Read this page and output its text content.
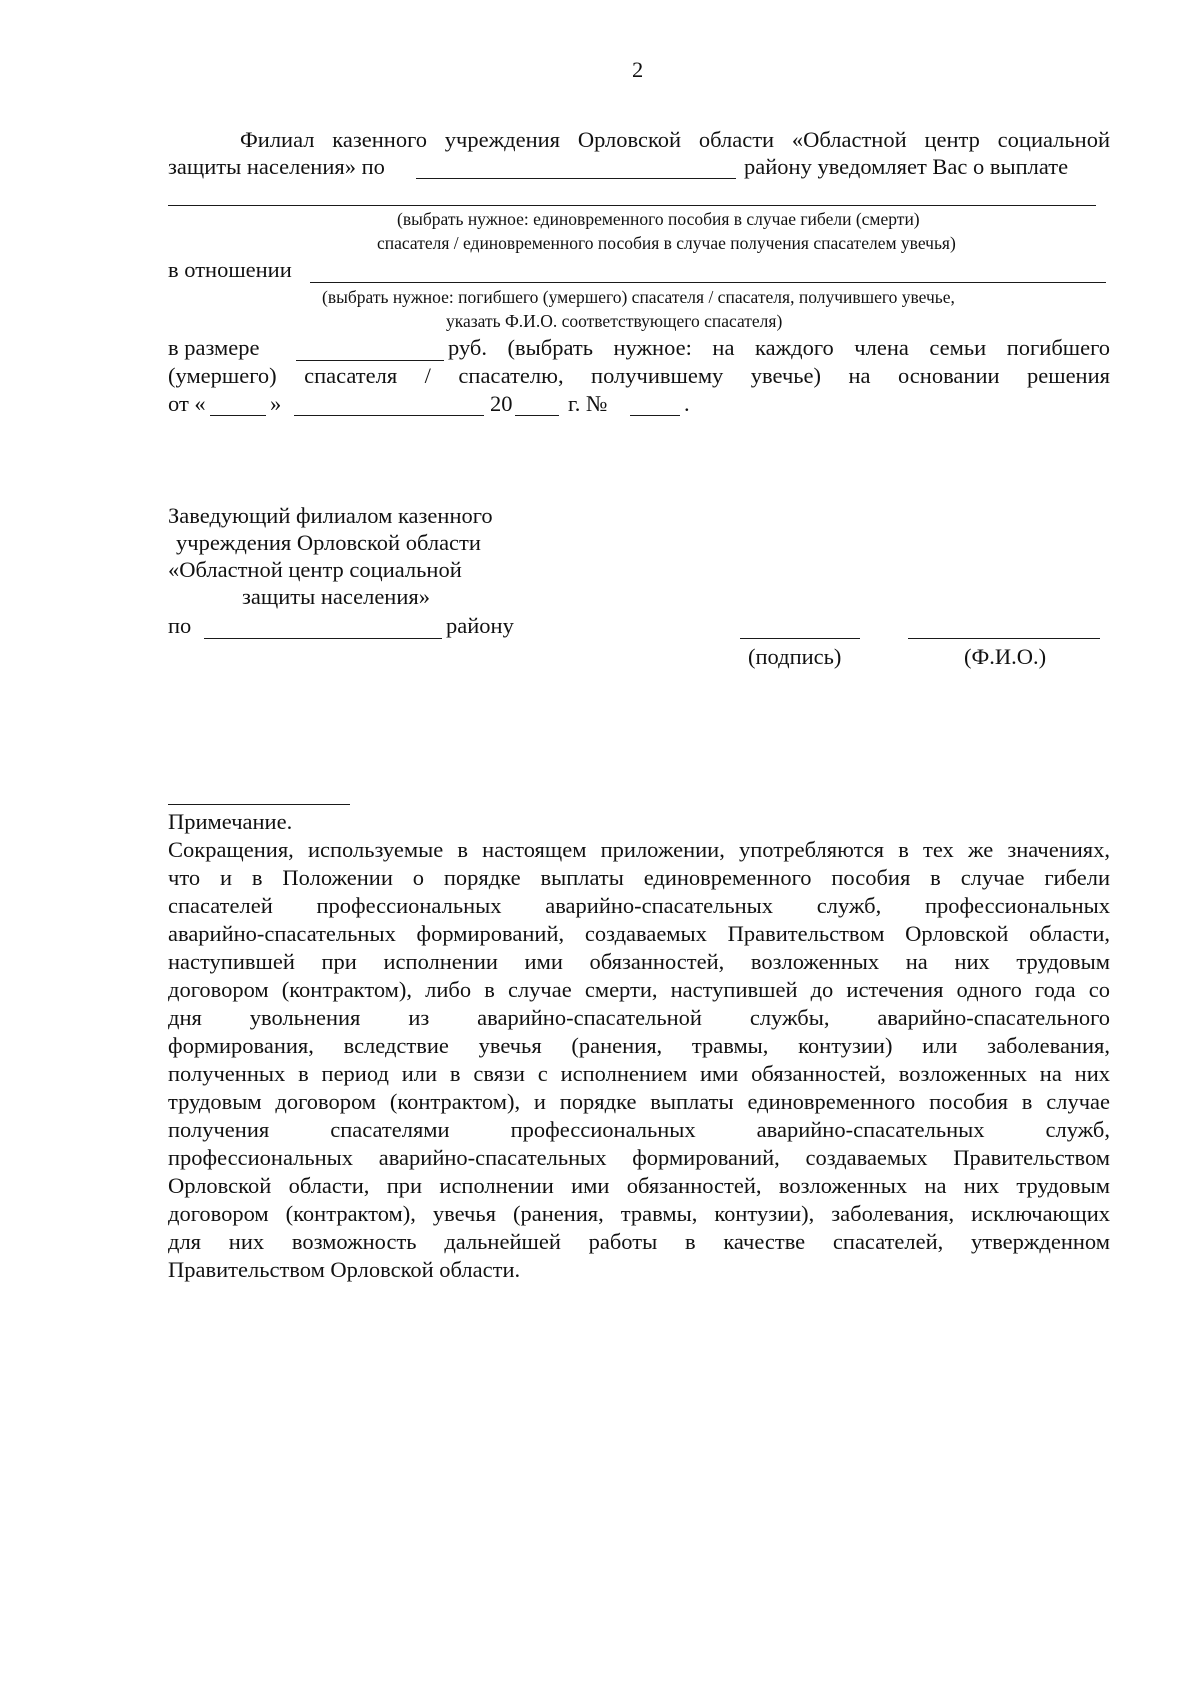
2
Филиал казенного учреждения Орловской области «Областной центр социальной
защиты населения» по	району уведомляет Вас о выплате
(выбрать нужное: единовременного пособия в случае гибели (смерти)
спасателя / единовременного пособия в случае получения спасателем увечья)
в отношении
(выбрать нужное: погибшего (умершего) спасателя / спасателя, получившего увечье,
указать Ф.И.О. соответствующего спасателя)
в размере	руб. (выбрать нужное: на каждого члена семьи погибшего
(умершего) спасателя / спасателю, получившему увечье) на основании решения
от «	»	20 г. №	.
Заведующий филиалом казенного
учреждения Орловской области
«Областной центр социальной
защиты населения»
по	району
(подпись)	(Ф.И.О.)
Примечание.
Сокращения, используемые в настоящем приложении, употребляются в тех же значениях,
что и в Положении о порядке выплаты единовременного пособия в случае гибели
спасателей профессиональных аварийно-спасательных служб, профессиональных
аварийно-спасательных формирований, создаваемых Правительством Орловской области,
наступившей при исполнении ими обязанностей, возложенных на них трудовым
договором (контрактом), либо в случае смерти, наступившей до истечения одного года со
дня увольнения из аварийно-спасательной службы, аварийно-спасательного
формирования, вследствие увечья (ранения, травмы, контузии) или заболевания,
полученных в период или в связи с исполнением ими обязанностей, возложенных на них
трудовым договором (контрактом), и порядке выплаты единовременного пособия в случае
получения спасателями профессиональных аварийно-спасательных служб,
профессиональных аварийно-спасательных формирований, создаваемых Правительством
Орловской области, при исполнении ими обязанностей, возложенных на них трудовым
договором (контрактом), увечья (ранения, травмы, контузии), заболевания, исключающих
для них возможность дальнейшей работы в качестве спасателей, утвержденном
Правительством Орловской области.
